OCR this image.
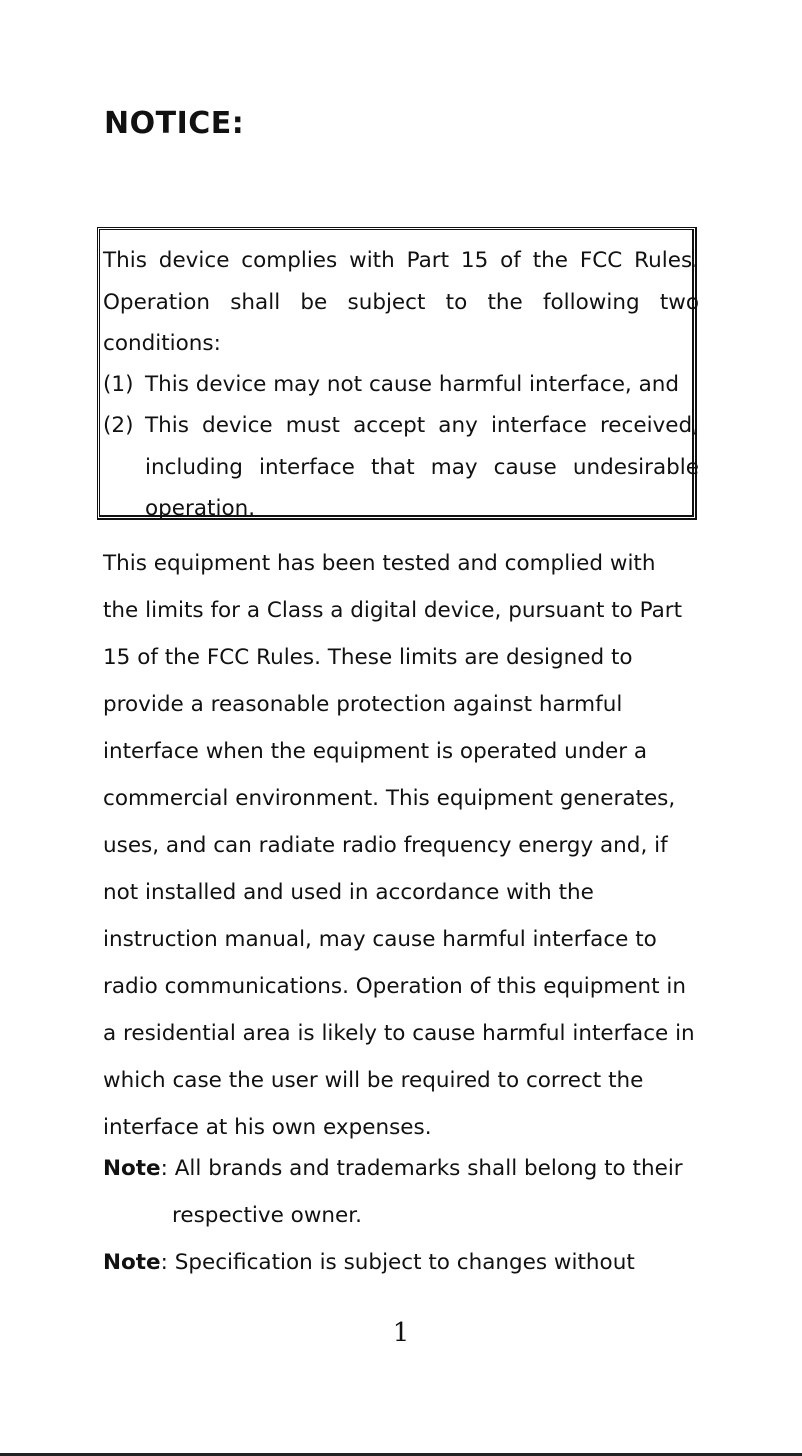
NOTICE:
This device complies with Part 15 of the FCC Rules.
Operation shall be subject to the following two
conditions:
(1) This device may not cause harmful interface, and
(2) This device must accept any interface received,
including interface that may cause undesirable
operation.
This equipment has been tested and complied with
the limits for a Class a digital device, pursuant to Part
15 of the FCC Rules. These limits are designed to
provide a reasonable protection against harmful
interface when the equipment is operated under a
commercial environment. This equipment generates,
uses, and can radiate radio frequency energy and, if
not installed and used in accordance with the
instruction manual, may cause harmful interface to
radio communications. Operation of this equipment in
a residential area is likely to cause harmful interface in
which case the user will be required to correct the
interface at his own expenses.
Note: All brands and trademarks shall belong to their
respective owner.
Note: Specification is subject to changes without
1
